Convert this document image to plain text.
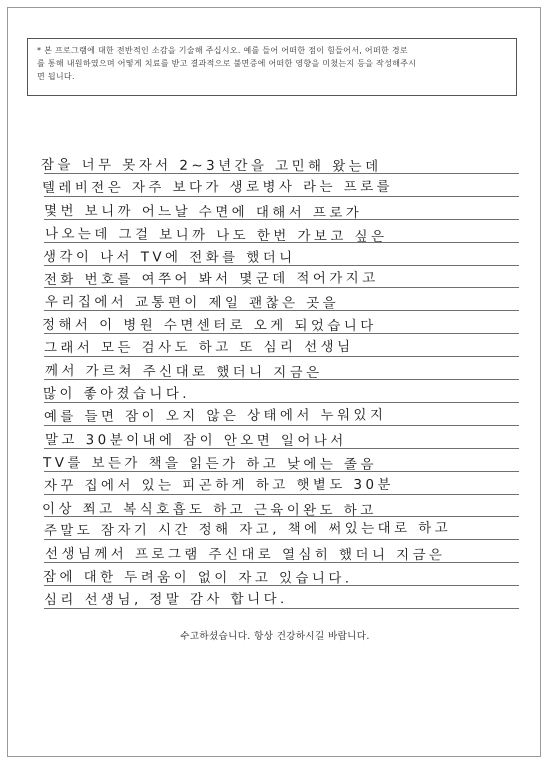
* 본 프로그램에 대한 전반적인 소감을 기술해 주십시오. 예를 들어 어떠한 점이 힘들어서, 어떠한 경로
를 통해 내원하였으며 어떻게 치료를 받고 결과적으로 불면증에 어떠한 영향을 미쳤는지 등을 작성해주시
면 됩니다.
잠을 너무 못자서 2~3년간을 고민해 왔는데
텔레비전은 자주 보다가 생로병사 라는 프로를
몇번 보니까 어느날 수면에 대해서 프로가
나오는데 그걸 보니까 나도 한번 가보고 싶은
생각이 나서 TV에 전화를 했더니
전화 번호를 여쭈어 봐서 몇군데 적어가지고
우리집에서 교통편이 제일 괜찮은 곳을
정해서 이 병원 수면센터로 오게 되었습니다
그래서 모든 검사도 하고 또 심리 선생님
께서 가르쳐 주신대로 했더니 지금은
많이 좋아졌습니다.
예를 들면 잠이 오지 않은 상태에서 누워있지
말고 30분이내에 잠이 안오면 일어나서
TV를 보든가 책을 읽든가 하고 낮에는 졸음
자꾸 집에서 있는 피곤하게 하고 햇볕도 30분
이상 쬐고 복식호흡도 하고 근육이완도 하고
주말도 잠자기 시간 정해 자고, 책에 써있는대로 하고
선생님께서 프로그램 주신대로 열심히 했더니 지금은
잠에 대한 두려움이 없이 자고 있습니다.
심리 선생님, 정말 감사 합니다.
수고하셨습니다. 항상 건강하시길 바랍니다.
